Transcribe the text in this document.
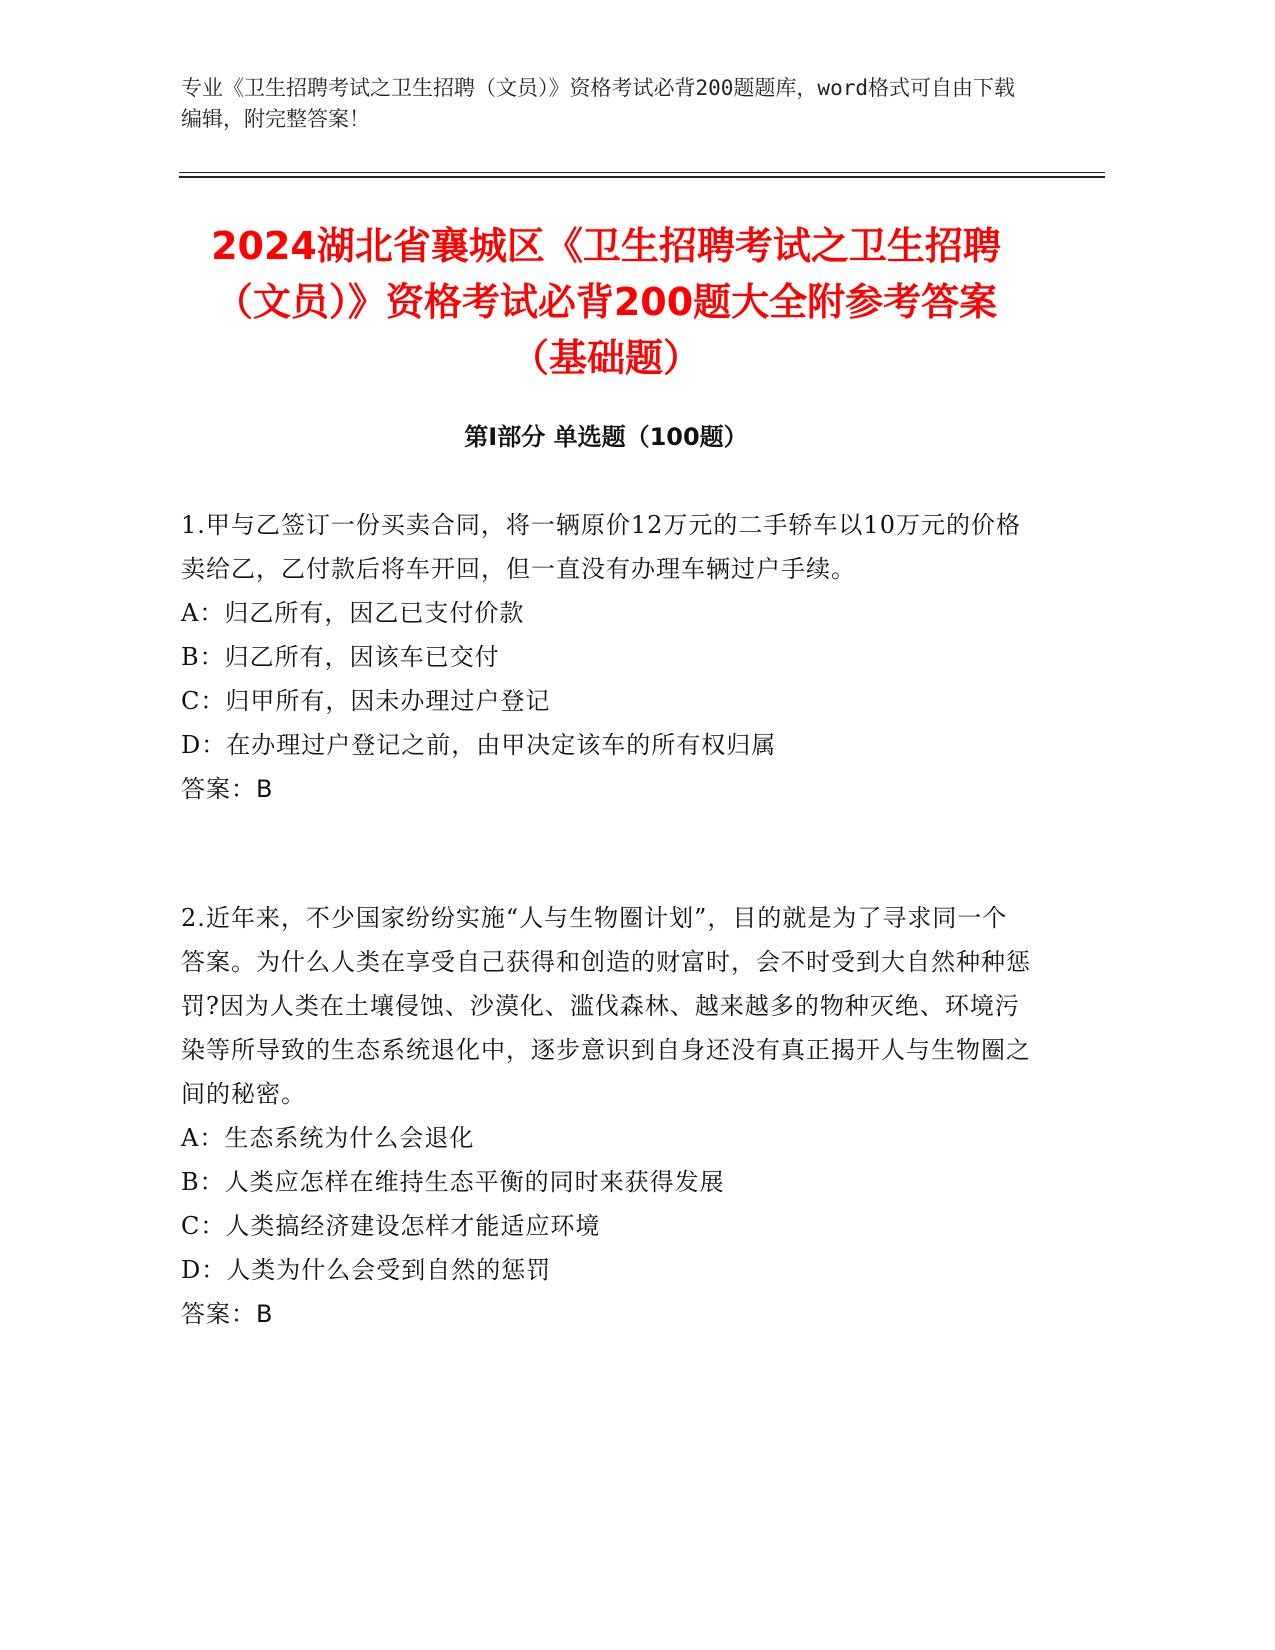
专业《卫生招聘考试之卫生招聘（文员）》资格考试必背200题题库，word格式可自由下载编辑，附完整答案！
2024湖北省襄城区《卫生招聘考试之卫生招聘（文员）》资格考试必背200题大全附参考答案（基础题）
第I部分 单选题（100题）

1.甲与乙签订一份买卖合同，将一辆原价12万元的二手轿车以10万元的价格卖给乙，乙付款后将车开回，但一直没有办理车辆过户手续。

A：归乙所有，因乙已支付价款

B：归乙所有，因该车已交付

C：归甲所有，因未办理过户登记

D：在办理过户登记之前，由甲决定该车的所有权归属

答案：B

2.近年来，不少国家纷纷实施“人与生物圈计划”，目的就是为了寻求同一个答案。为什么人类在享受自己获得和创造的财富时，会不时受到大自然种种惩罚?因为人类在土壤侵蚀、沙漠化、滥伐森林、越来越多的物种灭绝、环境污染等所导致的生态系统退化中，逐步意识到自身还没有真正揭开人与生物圈之间的秘密。

A：生态系统为什么会退化

B：人类应怎样在维持生态平衡的同时来获得发展

C：人类搞经济建设怎样才能适应环境

D：人类为什么会受到自然的惩罚

答案：B
